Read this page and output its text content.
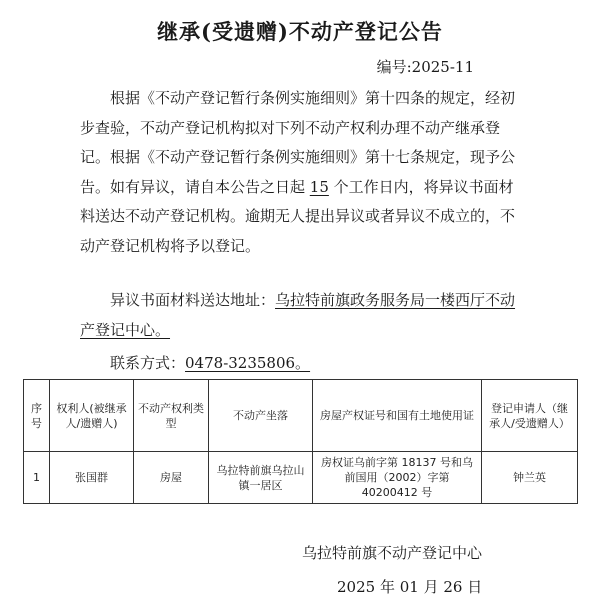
继承(受遗赠)不动产登记公告
编号:2025-11

根据《不动产登记暂行条例实施细则》第十四条的规定，经初步查验，不动产登记机构拟对下列不动产权利办理不动产继承登记。根据《不动产登记暂行条例实施细则》第十七条规定，现予公告。如有异议，请自本公告之日起 15 个工作日内，将异议书面材料送达不动产登记机构。逾期无人提出异议或者异议不成立的，不动产登记机构将予以登记。

异议书面材料送达地址：乌拉特前旗政务服务局一楼西厅不动产登记中心。

联系方式：0478-3235806。

序号	权利人(被继承人/遗赠人)	不动产权利类型	不动产坐落	房屋产权证号和国有土地使用证	登记申请人（继承人/受遗赠人）
1	张国群	房屋	乌拉特前旗乌拉山镇一居区	房权证乌前字第 18137 号和乌前国用（2002）字第 40200412 号	钟兰英
乌拉特前旗不动产登记中心
2025 年 01 月 26 日
